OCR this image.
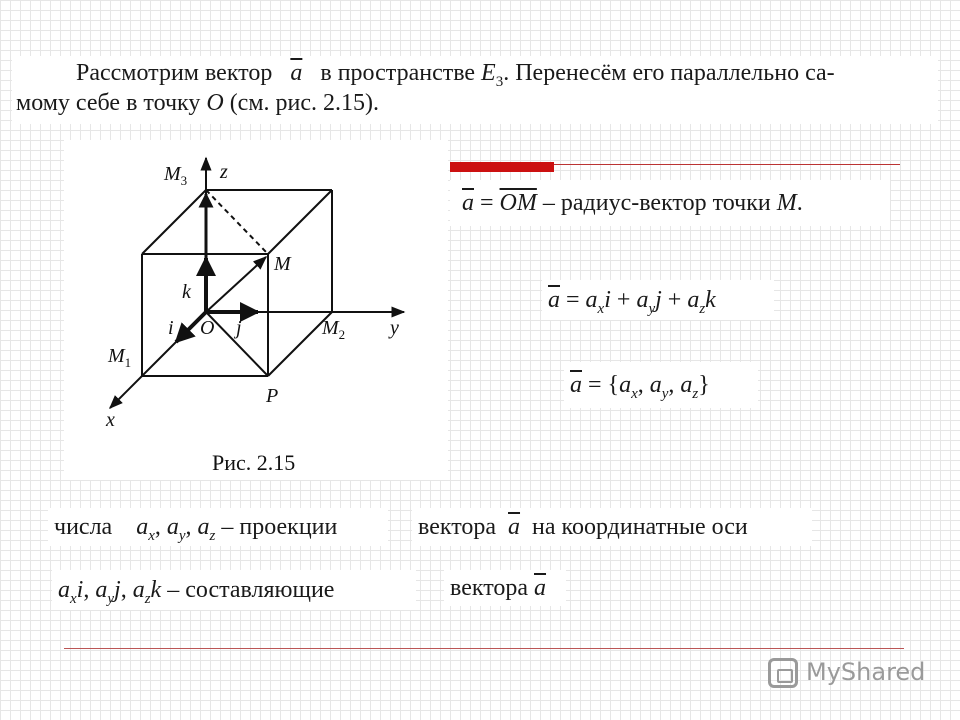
Рассмотрим вектор $\overline{a}$ в пространстве $E_3$. Перенесём его параллельно са-
мому себе в точку O (см. рис. 2.15).
$M_3$ z
M
k
i O j	$M_2$ y
$M_1$
P
x
Рис. 2.15
$\overline{a} = \overline{OM}$ – радиус-вектор точки M.
$\overline{a} = a_xi + a_yj + a_zk$
$\overline{a} = \{a_x$, $a_y$, $a_z$}
числа $a_x$, $a_y$, $a_z$ – проекции	вектора $\overline{a}$ на координатные оси
$a_xi$, $a_yj$, $a_zk$ – составляющие	вектора $\overline{a}$
MyShared
